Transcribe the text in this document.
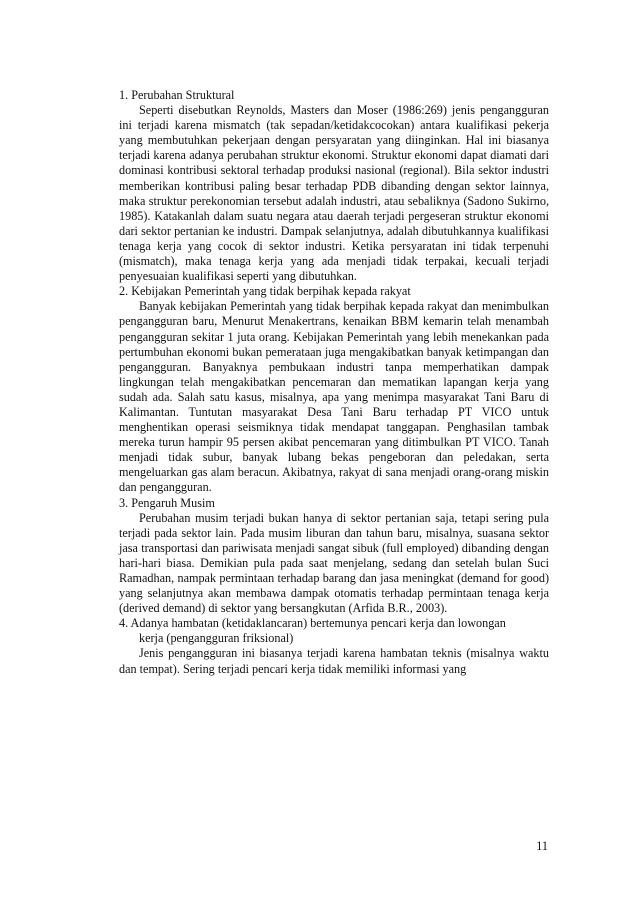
1. Perubahan Struktural

Seperti disebutkan Reynolds, Masters dan Moser (1986:269) jenis pengangguran ini terjadi karena mismatch (tak sepadan/ketidakcocokan) antara kualifikasi pekerja yang membutuhkan pekerjaan dengan persyaratan yang diinginkan. Hal ini biasanya terjadi karena adanya perubahan struktur ekonomi. Struktur ekonomi dapat diamati dari dominasi kontribusi sektoral terhadap produksi nasional (regional). Bila sektor industri memberikan kontribusi paling besar terhadap PDB dibanding dengan sektor lainnya, maka struktur perekonomian tersebut adalah industri, atau sebaliknya (Sadono Sukirno, 1985). Katakanlah dalam suatu negara atau daerah terjadi pergeseran struktur ekonomi dari sektor pertanian ke industri. Dampak selanjutnya, adalah dibutuhkannya kualifikasi tenaga kerja yang cocok di sektor industri. Ketika persyaratan ini tidak terpenuhi (mismatch), maka tenaga kerja yang ada menjadi tidak terpakai, kecuali terjadi penyesuaian kualifikasi seperti yang dibutuhkan.

2. Kebijakan Pemerintah yang tidak berpihak kepada rakyat

Banyak kebijakan Pemerintah yang tidak berpihak kepada rakyat dan menimbulkan pengangguran baru, Menurut Menakertrans, kenaikan BBM kemarin telah menambah pengangguran sekitar 1 juta orang. Kebijakan Pemerintah yang lebih menekankan pada pertumbuhan ekonomi bukan pemerataan juga mengakibatkan banyak ketimpangan dan pengangguran. Banyaknya pembukaan industri tanpa memperhatikan dampak lingkungan telah mengakibatkan pencemaran dan mematikan lapangan kerja yang sudah ada. Salah satu kasus, misalnya, apa yang menimpa masyarakat Tani Baru di Kalimantan. Tuntutan masyarakat Desa Tani Baru terhadap PT VICO untuk menghentikan operasi seismiknya tidak mendapat tanggapan. Penghasilan tambak mereka turun hampir 95 persen akibat pencemaran yang ditimbulkan PT VICO. Tanah menjadi tidak subur, banyak lubang bekas pengeboran dan peledakan, serta mengeluarkan gas alam beracun. Akibatnya, rakyat di sana menjadi orang-orang miskin dan pengangguran.

3. Pengaruh Musim

Perubahan musim terjadi bukan hanya di sektor pertanian saja, tetapi sering pula terjadi pada sektor lain. Pada musim liburan dan tahun baru, misalnya, suasana sektor jasa transportasi dan pariwisata menjadi sangat sibuk (full employed) dibanding dengan hari-hari biasa. Demikian pula pada saat menjelang, sedang dan setelah bulan Suci Ramadhan, nampak permintaan terhadap barang dan jasa meningkat (demand for good) yang selanjutnya akan membawa dampak otomatis terhadap permintaan tenaga kerja (derived demand) di sektor yang bersangkutan (Arfida B.R., 2003).

4. Adanya hambatan (ketidaklancaran) bertemunya pencari kerja dan lowongan

kerja (pengangguran friksional)

Jenis pengangguran ini biasanya terjadi karena hambatan teknis (misalnya waktu dan tempat). Sering terjadi pencari kerja tidak memiliki informasi yang

11
